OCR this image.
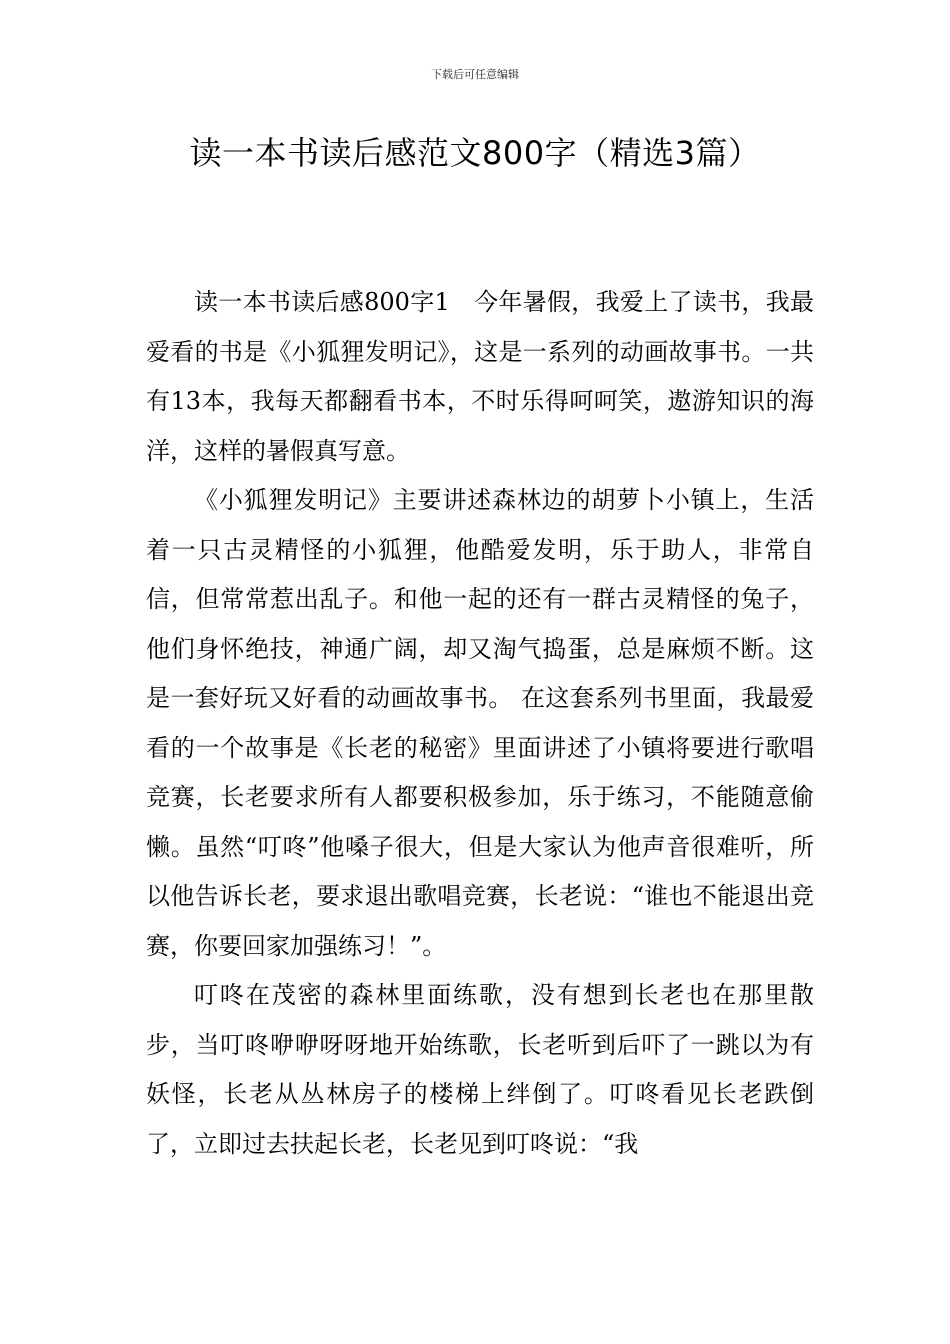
下载后可任意编辑
读一本书读后感范文800字（精选3篇）

读一本书读后感800字1 今年暑假，我爱上了读书，我最爱看的书是《小狐狸发明记》，这是一系列的动画故事书。一共有13本，我每天都翻看书本，不时乐得呵呵笑，遨游知识的海洋，这样的暑假真写意。

《小狐狸发明记》主要讲述森林边的胡萝卜小镇上，生活着一只古灵精怪的小狐狸，他酷爱发明，乐于助人，非常自信，但常常惹出乱子。和他一起的还有一群古灵精怪的兔子，他们身怀绝技，神通广阔，却又淘气捣蛋，总是麻烦不断。这是一套好玩又好看的动画故事书。 在这套系列书里面，我最爱看的一个故事是《长老的秘密》里面讲述了小镇将要进行歌唱竞赛，长老要求所有人都要积极参加，乐于练习，不能随意偷懒。虽然“叮咚”他嗓子很大，但是大家认为他声音很难听，所以他告诉长老，要求退出歌唱竞赛，长老说：“谁也不能退出竞赛，你要回家加强练习！”。

叮咚在茂密的森林里面练歌，没有想到长老也在那里散步，当叮咚咿咿呀呀地开始练歌，长老听到后吓了一跳以为有妖怪，长老从丛林房子的楼梯上绊倒了。叮咚看见长老跌倒了，立即过去扶起长老，长老见到叮咚说：“我
